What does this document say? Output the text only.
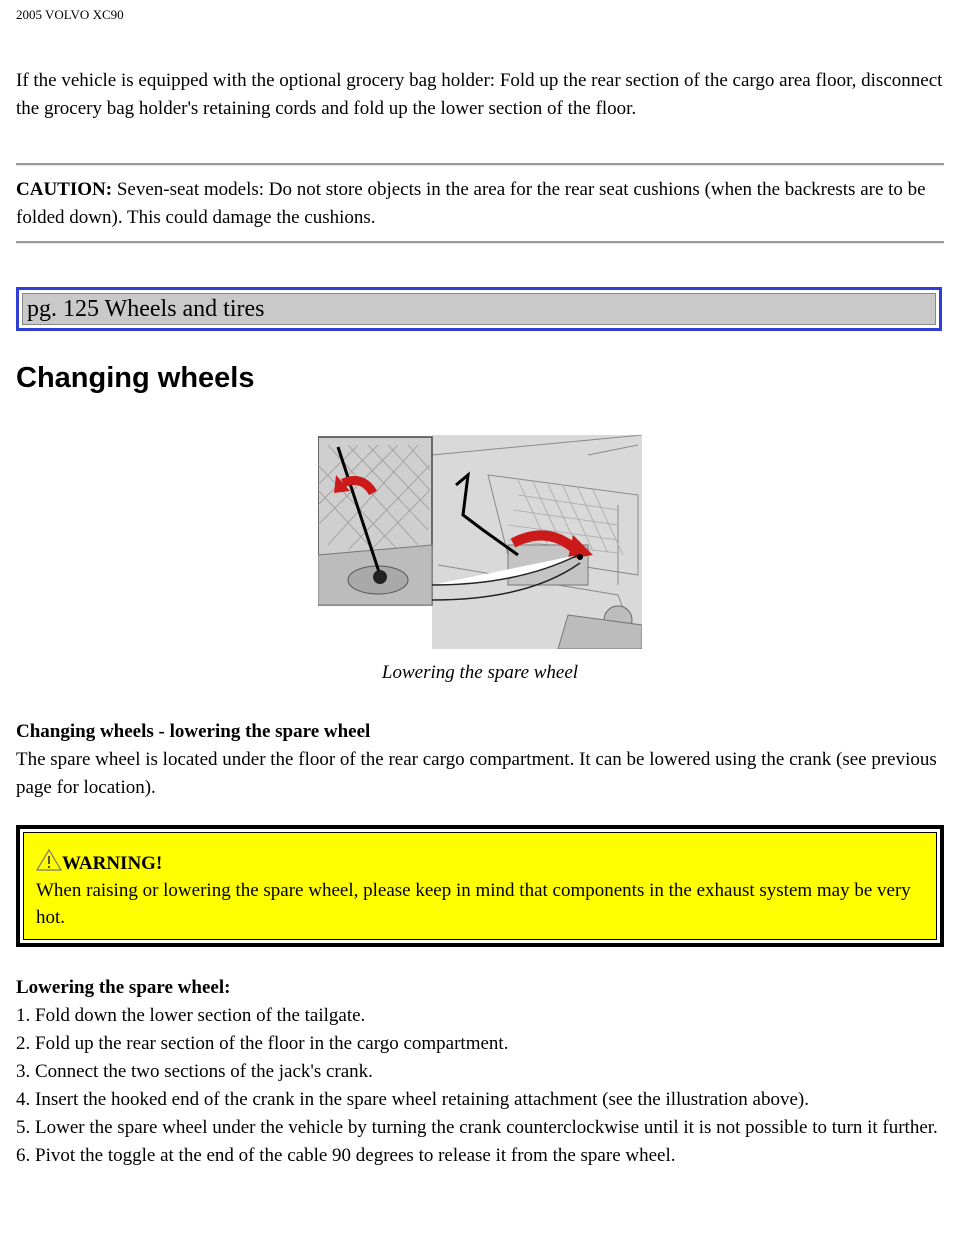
2005 VOLVO XC90
If the vehicle is equipped with the optional grocery bag holder: Fold up the rear section of the cargo area floor, disconnect the grocery bag holder's retaining cords and fold up the lower section of the floor.
CAUTION: Seven-seat models: Do not store objects in the area for the rear seat cushions (when the backrests are to be folded down). This could damage the cushions.
pg. 125 Wheels and tires
Changing wheels
Lowering the spare wheel
Changing wheels - lowering the spare wheel
The spare wheel is located under the floor of the rear cargo compartment. It can be lowered using the crank (see previous page for location).
WARNING!
When raising or lowering the spare wheel, please keep in mind that components in the exhaust system may be very hot.
Lowering the spare wheel:
1. Fold down the lower section of the tailgate.
2. Fold up the rear section of the floor in the cargo compartment.
3. Connect the two sections of the jack's crank.
4. Insert the hooked end of the crank in the spare wheel retaining attachment (see the illustration above).
5. Lower the spare wheel under the vehicle by turning the crank counterclockwise until it is not possible to turn it further.
6. Pivot the toggle at the end of the cable 90 degrees to release it from the spare wheel.
